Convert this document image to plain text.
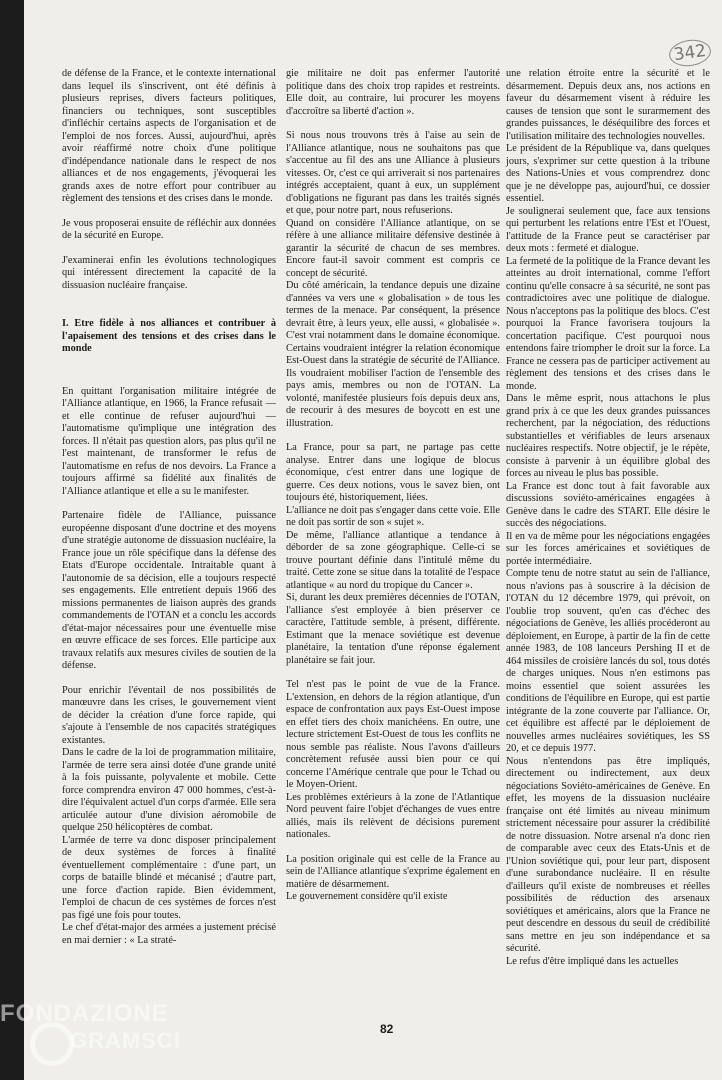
342

de défense de la France, et le contexte international dans lequel ils s'inscrivent, ont été définis à plusieurs reprises, divers facteurs politiques, financiers ou techniques, sont susceptibles d'infléchir certains aspects de l'organisation et de l'emploi de nos forces. Aussi, aujourd'hui, après avoir réaffirmé notre choix d'une politique d'indépendance nationale dans le respect de nos alliances et de nos engagements, j'évoquerai les grands axes de notre effort pour contribuer au règlement des tensions et des crises dans le monde.

Je vous proposerai ensuite de réfléchir aux données de la sécurité en Europe.

J'examinerai enfin les évolutions technologiques qui intéressent directement la capacité de la dissuasion nucléaire française.

I. Etre fidèle à nos alliances et contribuer à l'apaisement des tensions et des crises dans le monde

En quittant l'organisation militaire intégrée de l'Alliance atlantique, en 1966, la France refusait — et elle continue de refuser aujourd'hui — l'automatisme qu'implique une intégration des forces. Il n'était pas question alors, pas plus qu'il ne l'est maintenant, de transformer le refus de l'automatisme en refus de nos devoirs. La France a toujours affirmé sa fidélité aux finalités de l'Alliance atlantique et elle a su le manifester.

Partenaire fidèle de l'Alliance, puissance européenne disposant d'une doctrine et des moyens d'une stratégie autonome de dissuasion nucléaire, la France joue un rôle spécifique dans la défense des Etats d'Europe occidentale. Intraitable quant à l'autonomie de sa décision, elle a toujours respecté ses engagements. Elle entretient depuis 1966 des missions permanentes de liaison auprès des grands commandements de l'OTAN et a conclu les accords d'état-major nécessaires pour une éventuelle mise en œuvre efficace de ses forces. Elle participe aux travaux relatifs aux mesures civiles de soutien de la défense.

Pour enrichir l'éventail de nos possibilités de manœuvre dans les crises, le gouvernement vient de décider la création d'une force rapide, qui s'ajoute à l'ensemble de nos capacités stratégiques existantes.

Dans le cadre de la loi de programmation militaire, l'armée de terre sera ainsi dotée d'une grande unité à la fois puissante, polyvalente et mobile. Cette force comprendra environ 47 000 hommes, c'est-à-dire l'équivalent actuel d'un corps d'armée. Elle sera articulée autour d'une division aéromobile de quelque 250 hélicoptères de combat.

L'armée de terre va donc disposer principalement de deux systèmes de forces à finalité éventuellement complémentaire : d'une part, un corps de bataille blindé et mécanisé ; d'autre part, une force d'action rapide. Bien évidemment, l'emploi de chacun de ces systèmes de forces n'est pas figé une fois pour toutes.

Le chef d'état-major des armées a justement précisé en mai dernier : « La straté-

gie militaire ne doit pas enfermer l'autorité politique dans des choix trop rapides et restreints. Elle doit, au contraire, lui procurer les moyens d'accroître sa liberté d'action ».

Si nous nous trouvons très à l'aise au sein de l'Alliance atlantique, nous ne souhaitons pas que s'accentue au fil des ans une Alliance à plusieurs vitesses. Or, c'est ce qui arriverait si nos partenaires intégrés acceptaient, quant à eux, un supplément d'obligations ne figurant pas dans les traités signés et que, pour notre part, nous refuserions.

Quand on considère l'Alliance atlantique, on se réfère à une alliance militaire défensive destinée à garantir la sécurité de chacun de ses membres. Encore faut-il savoir comment est compris ce concept de sécurité.

Du côté américain, la tendance depuis une dizaine d'années va vers une « globalisation » de tous les termes de la menace. Par conséquent, la présence devrait être, à leurs yeux, elle aussi, « globalisée ». C'est vrai notamment dans le domaine économique. Certains voudraient intégrer la relation économique Est-Ouest dans la stratégie de sécurité de l'Alliance. Ils voudraient mobiliser l'action de l'ensemble des pays amis, membres ou non de l'OTAN. La volonté, manifestée plusieurs fois depuis deux ans, de recourir à des mesures de boycott en est une illustration.

La France, pour sa part, ne partage pas cette analyse. Entrer dans une logique de blocus économique, c'est entrer dans une logique de guerre. Ces deux notions, vous le savez bien, ont toujours été, historiquement, liées.

L'alliance ne doit pas s'engager dans cette voie. Elle ne doit pas sortir de son « sujet ».

De même, l'alliance atlantique a tendance à déborder de sa zone géographique. Celle-ci se trouve pourtant définie dans l'intitulé même du traité. Cette zone se situe dans la totalité de l'espace atlantique « au nord du tropique du Cancer ».

Si, durant les deux premières décennies de l'OTAN, l'alliance s'est employée à bien préserver ce caractère, l'attitude semble, à présent, différente. Estimant que la menace soviétique est devenue planétaire, la tentation d'une réponse également planétaire se fait jour.

Tel n'est pas le point de vue de la France. L'extension, en dehors de la région atlantique, d'un espace de confrontation aux pays Est-Ouest impose en effet tiers des choix manichéens. En outre, une lecture strictement Est-Ouest de tous les conflits ne nous semble pas réaliste. Nous l'avons d'ailleurs concrètement refusée aussi bien pour ce qui concerne l'Amérique centrale que pour le Tchad ou le Moyen-Orient.

Les problèmes extérieurs à la zone de l'Atlantique Nord peuvent faire l'objet d'échanges de vues entre alliés, mais ils relèvent de décisions purement nationales.

La position originale qui est celle de la France au sein de l'Alliance atlantique s'exprime également en matière de désarmement.

Le gouvernement considère qu'il existe

une relation étroite entre la sécurité et le désarmement. Depuis deux ans, nos actions en faveur du désarmement visent à réduire les causes de tension que sont le surarmement des grandes puissances, le déséquilibre des forces et l'utilisation militaire des technologies nouvelles.

Le président de la République va, dans quelques jours, s'exprimer sur cette question à la tribune des Nations-Unies et vous comprendrez donc que je ne développe pas, aujourd'hui, ce dossier essentiel.

Je soulignerai seulement que, face aux tensions qui perturbent les relations entre l'Est et l'Ouest, l'attitude de la France peut se caractériser par deux mots : fermeté et dialogue.

La fermeté de la politique de la France devant les atteintes au droit international, comme l'effort continu qu'elle consacre à sa sécurité, ne sont pas contradictoires avec une politique de dialogue. Nous n'acceptons pas la politique des blocs. C'est pourquoi la France favorisera toujours la concertation pacifique. C'est pourquoi nous entendons faire triompher le droit sur la force. La France ne cessera pas de participer activement au règlement des tensions et des crises dans le monde.

Dans le même esprit, nous attachons le plus grand prix à ce que les deux grandes puissances recherchent, par la négociation, des réductions substantielles et vérifiables de leurs arsenaux nucléaires respectifs. Notre objectif, je le répète, consiste à parvenir à un équilibre global des forces au niveau le plus bas possible.

La France est donc tout à fait favorable aux discussions soviéto-américaines engagées à Genève dans le cadre des START. Elle désire le succès des négociations.

Il en va de même pour les négociations engagées sur les forces américaines et soviétiques de portée intermédiaire.

Compte tenu de notre statut au sein de l'alliance, nous n'avions pas à souscrire à la décision de l'OTAN du 12 décembre 1979, qui prévoit, on l'oublie trop souvent, qu'en cas d'échec des négociations de Genève, les alliés procéderont au déploiement, en Europe, à partir de la fin de cette année 1983, de 108 lanceurs Pershing II et de 464 missiles de croisière lancés du sol, tous dotés de charges uniques. Nous n'en estimons pas moins essentiel que soient assurées les conditions de l'équilibre en Europe, qui est partie intégrante de la zone couverte par l'alliance. Or, cet équilibre est affecté par le déploiement de nouvelles armes nucléaires soviétiques, les SS 20, et ce depuis 1977.

Nous n'entendons pas être impliqués, directement ou indirectement, aux deux négociations Soviéto-américaines de Genève. En effet, les moyens de la dissuasion nucléaire française ont été limités au niveau minimum strictement nécessaire pour assurer la crédibilité de notre dissuasion. Notre arsenal n'a donc rien de comparable avec ceux des Etats-Unis et de l'Union soviétique qui, pour leur part, disposent d'une surabondance nucléaire. Il en résulte d'ailleurs qu'il existe de nombreuses et réelles possibilités de réduction des arsenaux soviétiques et américains, alors que la France ne peut descendre en dessous du seuil de crédibilité sans mettre en jeu son indépendance et sa sécurité.

Le refus d'être impliqué dans les actuelles

82
FONDAZIONE
GRAMSCI
